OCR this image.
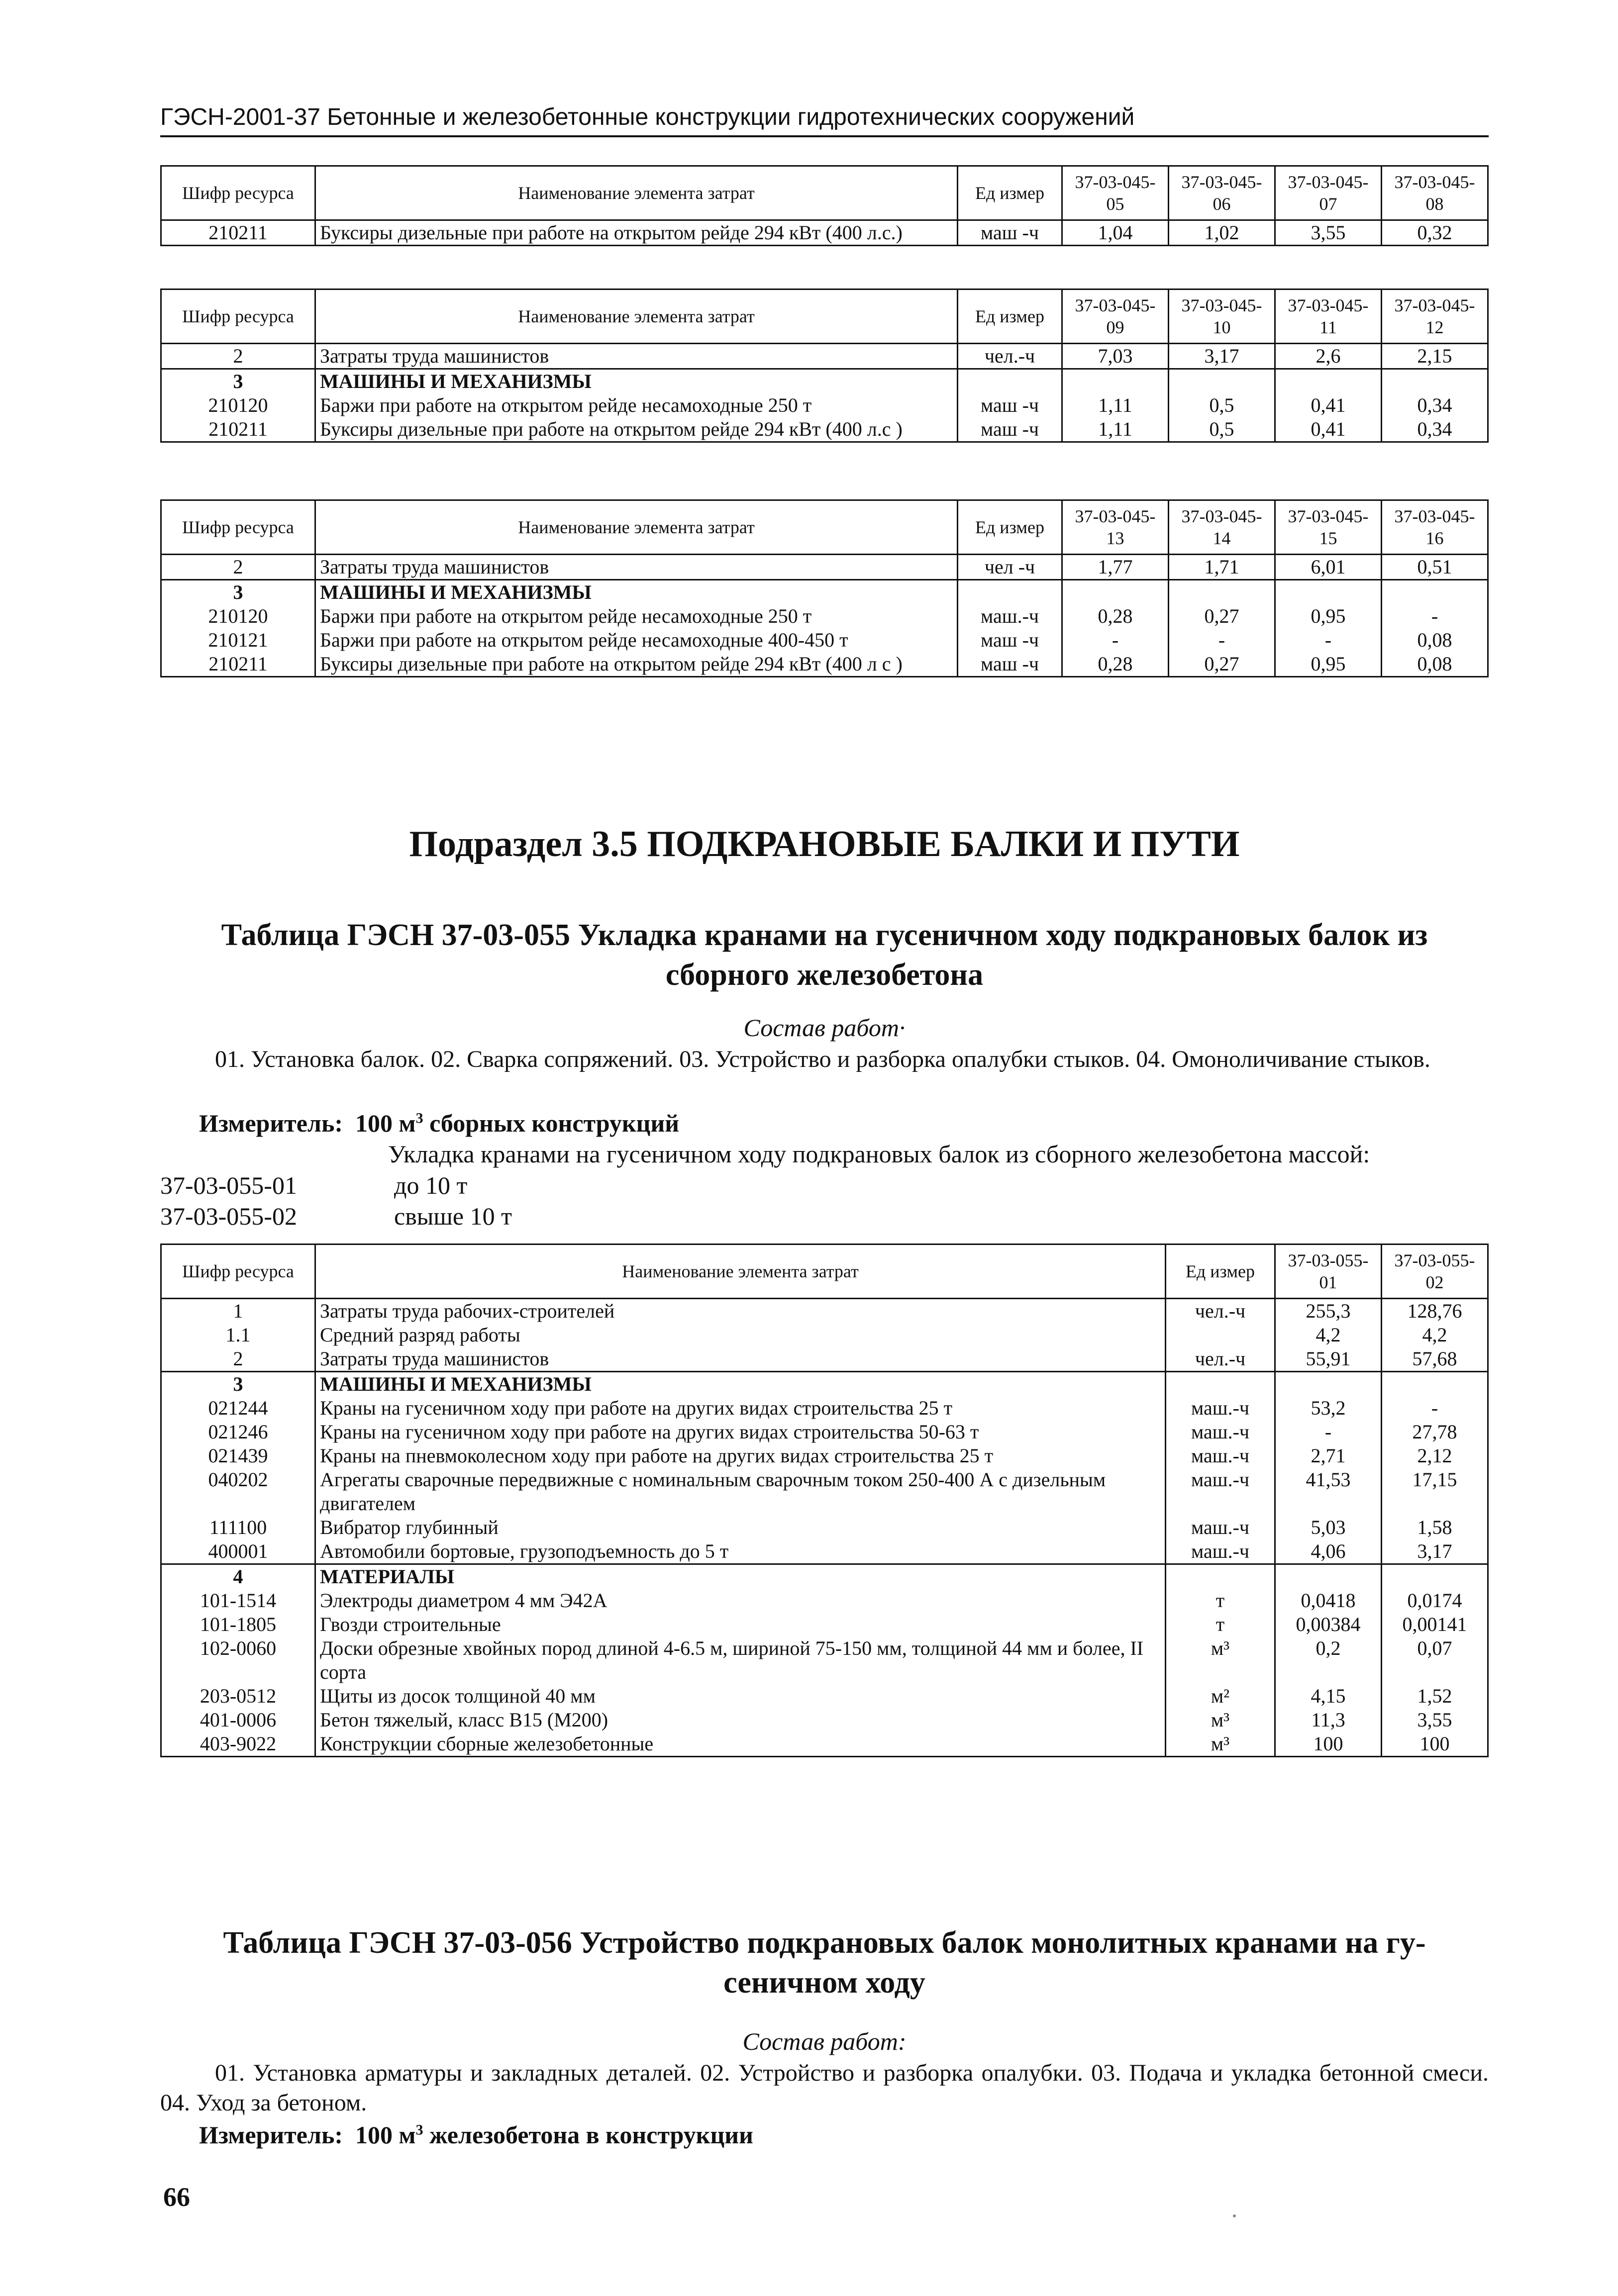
ГЭСН-2001-37 Бетонные и железобетонные конструкции гидротехнических сооружений
Шифр ресурса	Наименование элемента затрат	Ед измер	37-03-045-05	37-03-045-06	37-03-045-07	37-03-045-08
210211	Буксиры дизельные при работе на открытом рейде 294 кВт (400 л.с.)	маш -ч	1,04	1,02	3,55	0,32
Шифр ресурса	Наименование элемента затрат	Ед измер	37-03-045-09	37-03-045-10	37-03-045-11	37-03-045-12
2	Затраты труда машинистов	чел.-ч	7,03	3,17	2,6	2,15
3	МАШИНЫ И МЕХАНИЗМЫ					
210120	Баржи при работе на открытом рейде несамоходные 250 т	маш -ч	1,11	0,5	0,41	0,34
210211	Буксиры дизельные при работе на открытом рейде 294 кВт (400 л.с )	маш -ч	1,11	0,5	0,41	0,34
Шифр ресурса	Наименование элемента затрат	Ед измер	37-03-045-13	37-03-045-14	37-03-045-15	37-03-045-16
2	Затраты труда машинистов	чел -ч	1,77	1,71	6,01	0,51
3	МАШИНЫ И МЕХАНИЗМЫ					
210120	Баржи при работе на открытом рейде несамоходные 250 т	маш.-ч	0,28	0,27	0,95	-
210121	Баржи при работе на открытом рейде несамоходные 400-450 т	маш -ч	-	-	-	0,08
210211	Буксиры дизельные при работе на открытом рейде 294 кВт (400 л с )	маш -ч	0,28	0,27	0,95	0,08
Подраздел 3.5 ПОДКРАНОВЫЕ БАЛКИ И ПУТИ
Таблица ГЭСН 37-03-055 Укладка кранами на гусеничном ходу подкрановых балок из
сборного железобетона
Состав работ·
01. Установка балок. 02. Сварка сопряжений. 03. Устройство и разборка опалубки стыков. 04. Омоноличивание стыков.
Измеритель: 100 $м^3$ сборных конструкций
Укладка кранами на гусеничном ходу подкрановых балок из сборного железобетона массой:
37-03-055-01	до 10 т
37-03-055-02	свыше 10 т
Шифр ресурса	Наименование элемента затрат	Ед измер	37-03-055-01	37-03-055-02
1	Затраты труда рабочих-строителей	чел.-ч	255,3	128,76
1.1	Средний разряд работы		4,2	4,2
2	Затраты труда машинистов	чел.-ч	55,91	57,68
3	МАШИНЫ И МЕХАНИЗМЫ			
021244	Краны на гусеничном ходу при работе на других видах строительства 25 т	маш.-ч	53,2	-
021246	Краны на гусеничном ходу при работе на других видах строительства 50-63 т	маш.-ч	-	27,78
021439	Краны на пневмоколесном ходу при работе на других видах строительства 25 т	маш.-ч	2,71	2,12
040202	Агрегаты сварочные передвижные с номинальным сварочным током 250-400 А с дизельным двигателем	маш.-ч	41,53	17,15
111100	Вибратор глубинный	маш.-ч	5,03	1,58
400001	Автомобили бортовые, грузоподъемность до 5 т	маш.-ч	4,06	3,17
4	МАТЕРИАЛЫ			
101-1514	Электроды диаметром 4 мм Э42А	т	0,0418	0,0174
101-1805	Гвозди строительные	т	0,00384	0,00141
102-0060	Доски обрезные хвойных пород длиной 4-6.5 м, шириной 75-150 мм, толщиной 44 мм и более, II сорта	м³	0,2	0,07
203-0512	Щиты из досок толщиной 40 мм	м²	4,15	1,52
401-0006	Бетон тяжелый, класс В15 (М200)	м³	11,3	3,55
403-9022	Конструкции сборные железобетонные	м³	100	100
Таблица ГЭСН 37-03-056 Устройство подкрановых балок монолитных кранами на гу-
сеничном ходу
Состав работ:
01. Установка арматуры и закладных деталей. 02. Устройство и разборка опалубки. 03. Подача и укладка бетонной смеси. 04. Уход за бетоном.
Измеритель: 100 $м^3$ железобетона в конструкции
66
